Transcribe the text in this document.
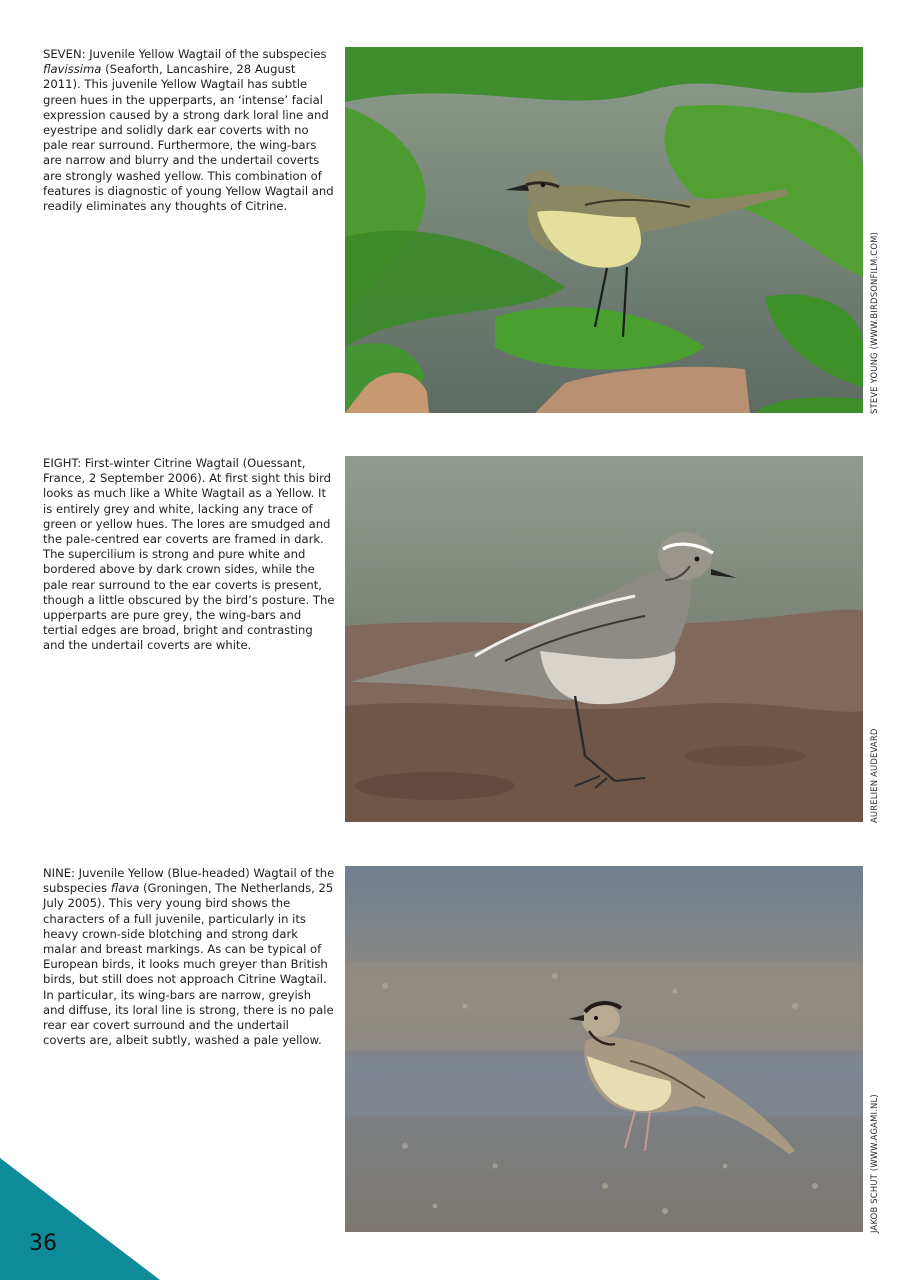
SEVEN: Juvenile Yellow Wagtail of the subspecies flavissima (Seaforth, Lancashire, 28 August 2011). This juvenile Yellow Wagtail has subtle green hues in the upperparts, an ‘intense’ facial expression caused by a strong dark loral line and eyestripe and solidly dark ear coverts with no pale rear surround. Furthermore, the wing-bars are narrow and blurry and the undertail coverts are strongly washed yellow. This combination of features is diagnostic of young Yellow Wagtail and readily eliminates any thoughts of Citrine.
STEVE YOUNG (WWW.BIRDSONFILM.COM)
EIGHT: First-winter Citrine Wagtail (Ouessant, France, 2 September 2006). At first sight this bird looks as much like a White Wagtail as a Yellow. It is entirely grey and white, lacking any trace of green or yellow hues. The lores are smudged and the pale-centred ear coverts are framed in dark. The supercilium is strong and pure white and bordered above by dark crown sides, while the pale rear surround to the ear coverts is present, though a little obscured by the bird’s posture. The upperparts are pure grey, the wing-bars and tertial edges are broad, bright and contrasting and the undertail coverts are white.
AURELIEN AUDEVARD
NINE: Juvenile Yellow (Blue-headed) Wagtail of the subspecies flava (Groningen, The Netherlands, 25 July 2005). This very young bird shows the characters of a full juvenile, particularly in its heavy crown-side blotching and strong dark malar and breast markings. As can be typical of European birds, it looks much greyer than British birds, but still does not approach Citrine Wagtail. In particular, its wing-bars are narrow, greyish and diffuse, its loral line is strong, there is no pale rear ear covert surround and the undertail coverts are, albeit subtly, washed a pale yellow.
JAKOB SCHUT (WWW.AGAMI.NL)
36
